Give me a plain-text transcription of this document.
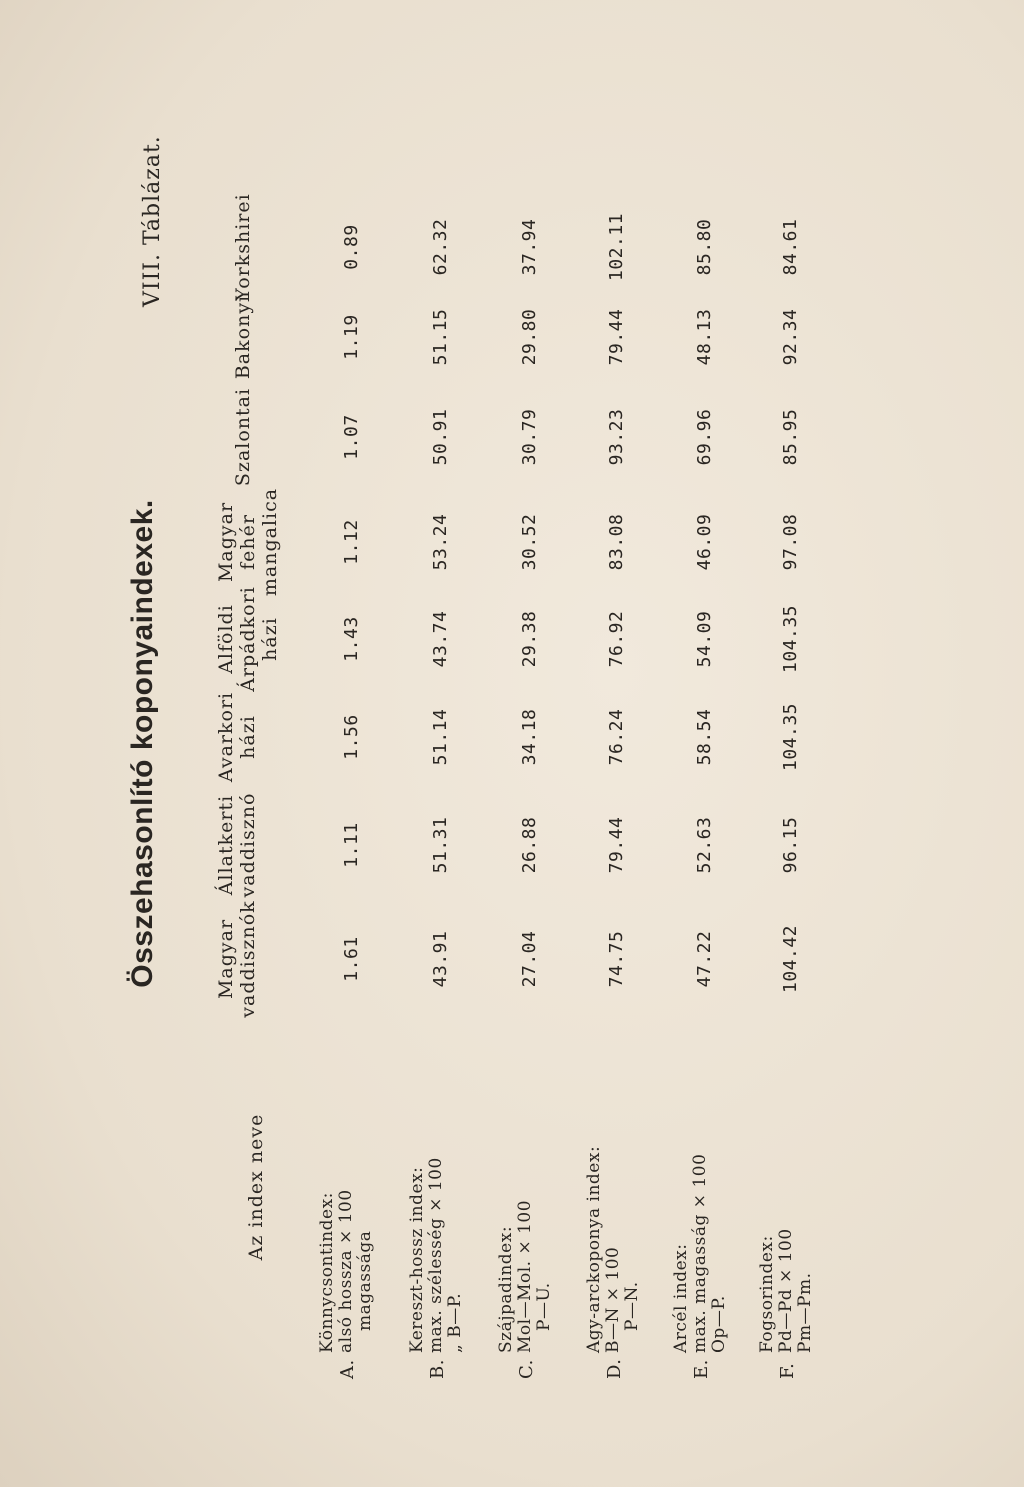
Összehasonlító koponyaindexek.
VIII. Táblázat.
Az index neve
Magyar vaddisznók
Állatkerti vaddisznó
Avarkori házi
Alföldi Árpádkori házi
Magyar fehér mangalica
Szalontai
Bakonyi
Yorkshirei
A.
Könnycsontindex: alsó hossza × 100 magassága
B.
Kereszt-hossz index: max. szélesség × 100 „ B—P.
C.
Szájpadindex: Mol—Mol. × 100 P—U.
D.
Agy-arckoponya index: B—N × 100 P—N.
E.
Arcél index: max. magasság × 100 Op—P.
F.
Fogsorindex: Pd—Pd × 100 Pm—Pm.
1.61
1.11
1.56
1.43
1.12
1.07
1.19
0.89
43.91
51.31
51.14
43.74
53.24
50.91
51.15
62.32
27.04
26.88
34.18
29.38
30.52
30.79
29.80
37.94
74.75
79.44
76.24
76.92
83.08
93.23
79.44
102.11
47.22
52.63
58.54
54.09
46.09
69.96
48.13
85.80
104.42
96.15
104.35
104.35
97.08
85.95
92.34
84.61
